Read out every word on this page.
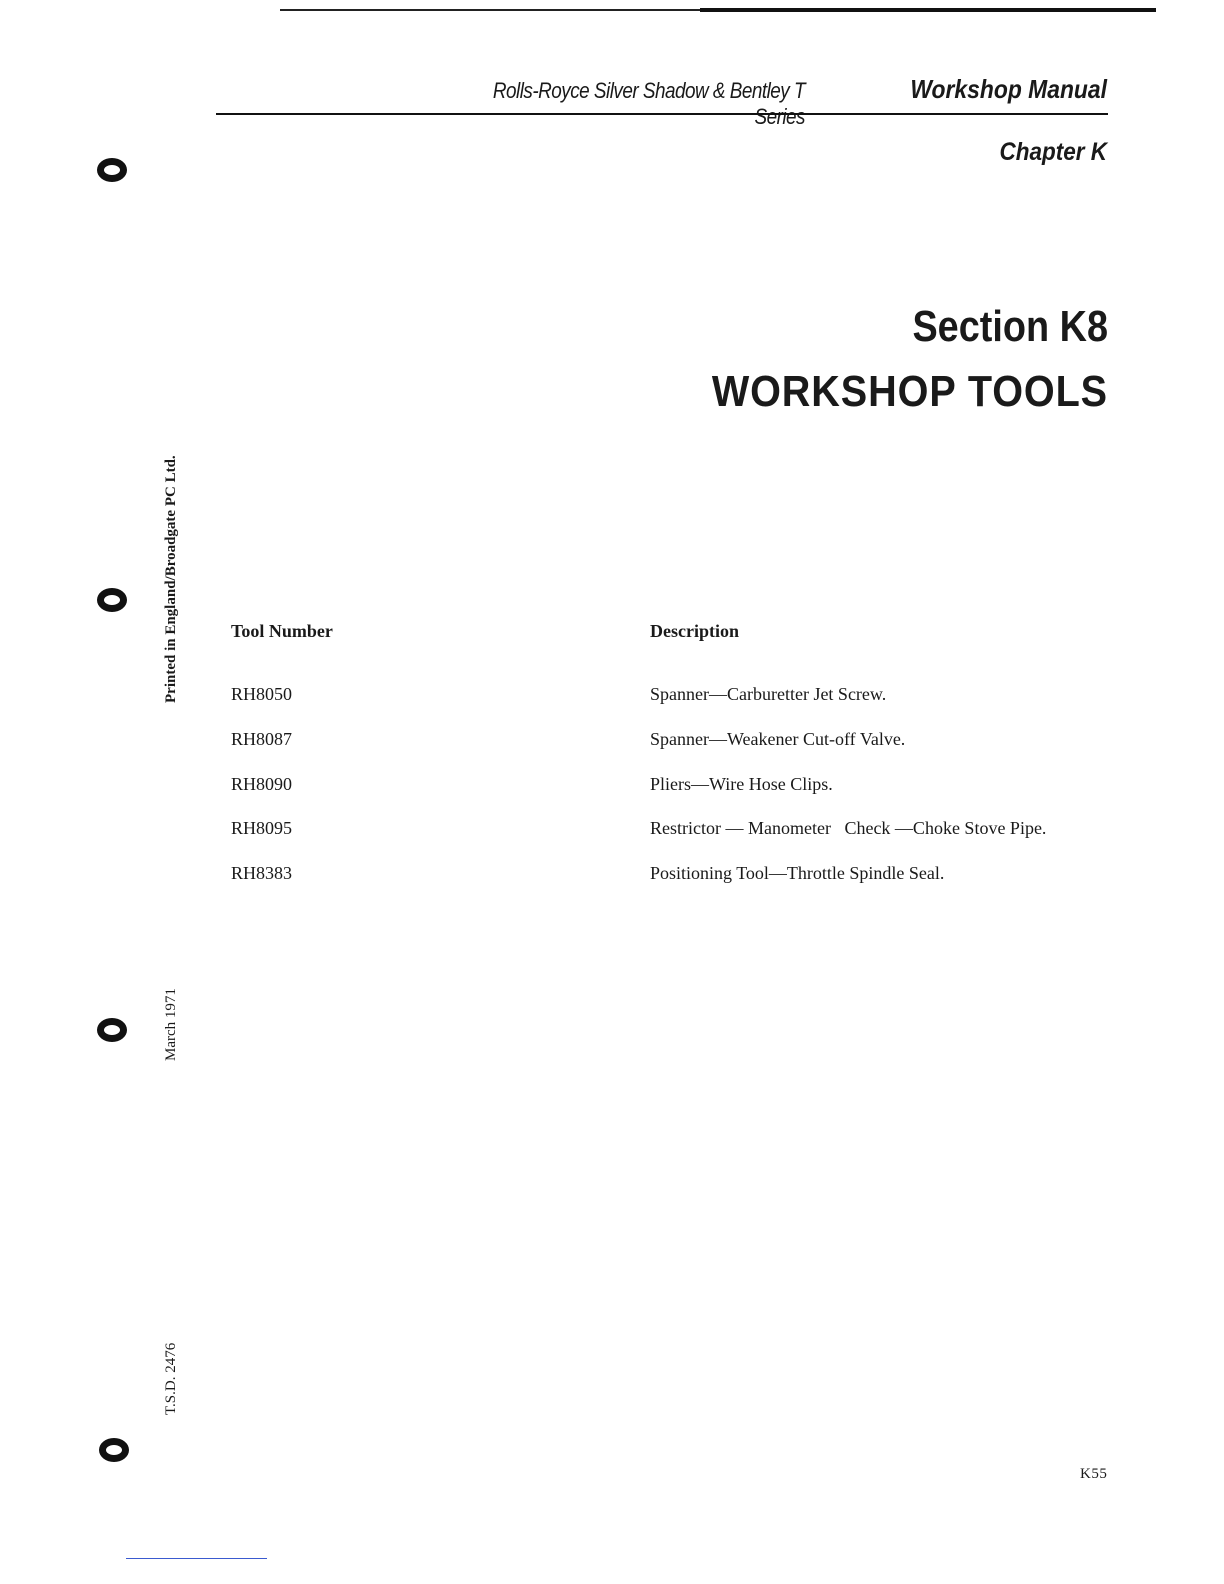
Rolls-Royce Silver Shadow & Bentley T Series
Workshop Manual
Chapter K
Section K8
WORKSHOP TOOLS
Tool Number	Description
RH8050	Spanner—Carburetter Jet Screw.
RH8087	Spanner—Weakener Cut-off Valve.
RH8090	Pliers—Wire Hose Clips.
RH8095	Restrictor — Manometer   Check —Choke Stove Pipe.
RH8383	Positioning Tool—Throttle Spindle Seal.
Printed in England/Broadgate PC Ltd.
March 1971
T.S.D. 2476
K55
